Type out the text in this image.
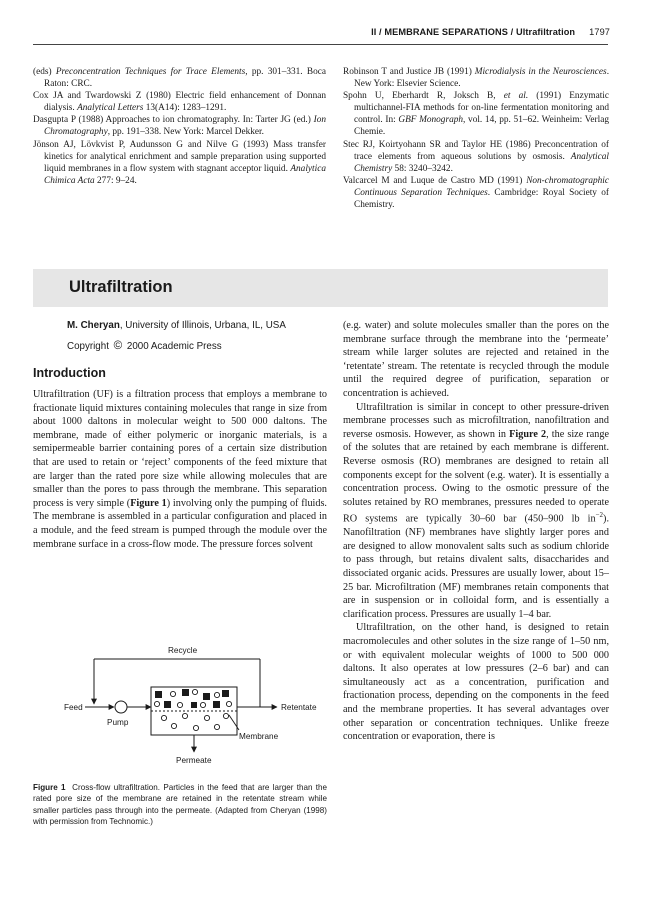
II / MEMBRANE SEPARATIONS / Ultrafiltration 1797

(eds) Preconcentration Techniques for Trace Elements, pp. 301–331. Boca Raton: CRC.

Cox JA and Twardowski Z (1980) Electric field enhancement of Donnan dialysis. Analytical Letters 13(A14): 1283–1291.

Dasgupta P (1988) Approaches to ion chromatography. In: Tarter JG (ed.) Ion Chromatography, pp. 191–338. New York: Marcel Dekker.

Jönson AJ, Lövkvist P, Audunsson G and Nilve G (1993) Mass transfer kinetics for analytical enrichment and sample preparation using supported liquid membranes in a flow system with stagnant acceptor liquid. Analytica Chimica Acta 277: 9–24.

Robinson T and Justice JB (1991) Microdialysis in the Neurosciences. New York: Elsevier Science.

Spohn U, Eberhardt R, Joksch B, et al. (1991) Enzymatic multichannel-FIA methods for on-line fermentation monitoring and control. In: GBF Monograph, vol. 14, pp. 51–62. Weinheim: Verlag Chemie.

Stec RJ, Koirtyohann SR and Taylor HE (1986) Preconcentration of trace elements from aqueous solutions by osmosis. Analytical Chemistry 58: 3240–3242.

Valcarcel M and Luque de Castro MD (1991) Non-chromatographic Continuous Separation Techniques. Cambridge: Royal Society of Chemistry.

Ultrafiltration
M. Cheryan, University of Illinois, Urbana, IL, USA
Copyright © 2000 Academic Press
Introduction

Ultrafiltration (UF) is a filtration process that employs a membrane to fractionate liquid mixtures containing molecules that range in size from about 1000 daltons in molecular weight to 500 000 daltons. The membrane, made of either polymeric or inorganic materials, is a semipermeable barrier containing pores of a certain size distribution that are used to retain or ‘reject’ components of the feed mixture that are larger than the rated pore size while allowing molecules that are smaller than the pores to pass through the membrane. This separation process is very simple (Figure 1) involving only the pumping of fluids. The membrane is assembled in a particular configuration and placed in a module, and the feed stream is pumped through the module over the membrane surface in a cross-flow mode. The pressure forces solvent

(e.g. water) and solute molecules smaller than the pores on the membrane surface through the membrane into the ‘permeate’ stream while larger solutes are rejected and retained in the ‘retentate’ stream. The retentate is recycled through the module until the required degree of purification, separation or concentration is achieved.

Ultrafiltration is similar in concept to other pressure-driven membrane processes such as microfiltration, nanofiltration and reverse osmosis. However, as shown in Figure 2, the size range of the solutes that are retained by each membrane is different. Reverse osmosis (RO) membranes are designed to retain all components except for the solvent (e.g. water). It is essentially a concentration process. Owing to the osmotic pressure of the solutes retained by RO membranes, pressures needed to operate RO systems are typically 30–60 bar (450–900 lb $in^{-2}$). Nanofiltration (NF) membranes have slightly larger pores and are designed to allow monovalent salts such as sodium chloride to pass through, but retains divalent salts, disaccharides and dissociated organic acids. Pressures are usually lower, about 15–25 bar. Microfiltration (MF) membranes retain components that are in suspension or in colloidal form, and is essentially a clarification process. Pressures are usually 1–4 bar.

Ultrafiltration, on the other hand, is designed to retain macromolecules and other solutes in the size range of 1–50 nm, or with equivalent molecular weights of 1000 to 500 000 daltons. It also operates at low pressures (2–6 bar) and can simultaneously act as a concentration, purification and fractionation process, depending on the components in the feed and the membrane properties. It has several advantages over other separation or concentration techniques. Unlike freeze concentration or evaporation, there is

Recycle
Feed
Pump
Retentate
Membrane
Permeate
Figure 1 Cross-flow ultrafiltration. Particles in the feed that are larger than the rated pore size of the membrane are retained in the retentate stream while smaller particles pass through into the permeate. (Adapted from Cheryan (1998) with permission from Technomic.)
